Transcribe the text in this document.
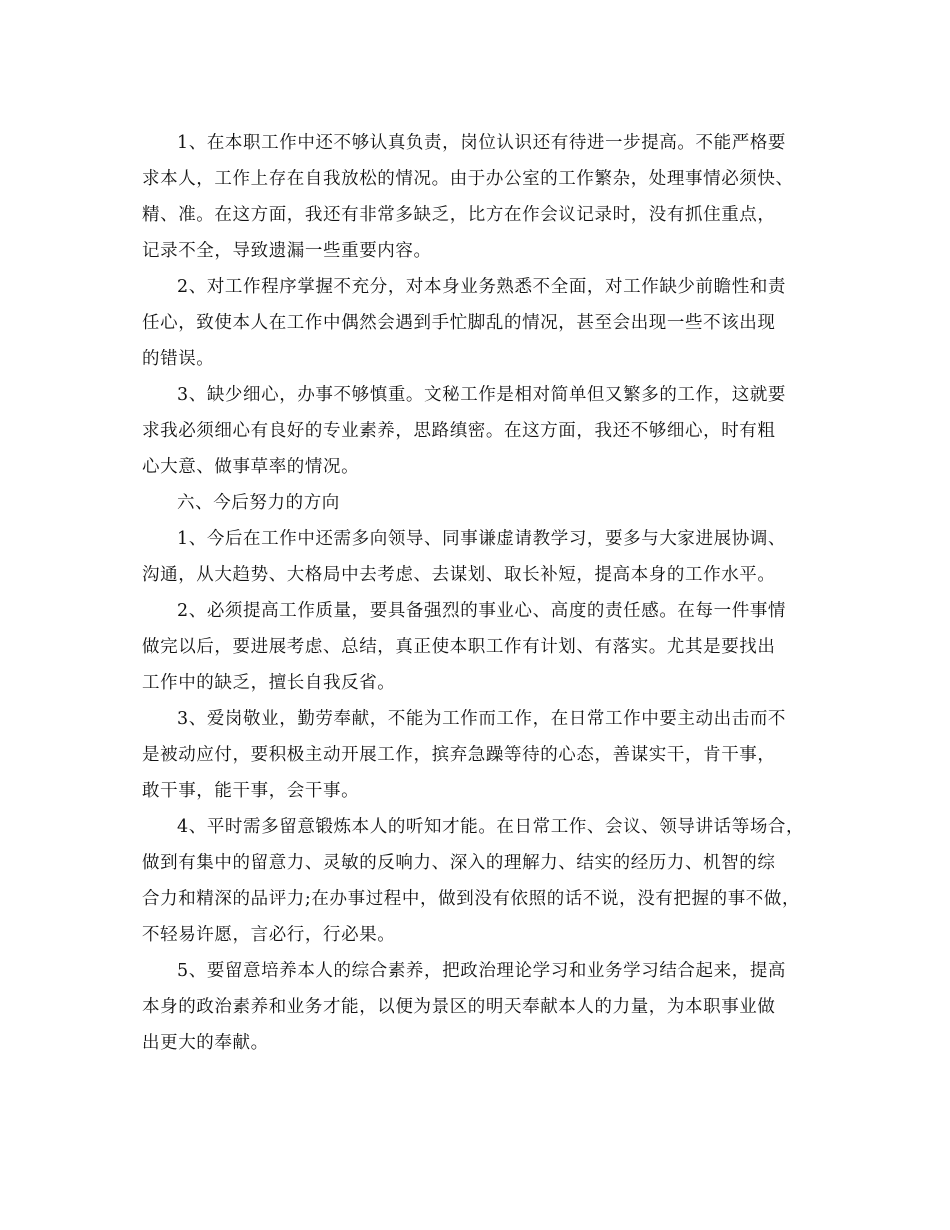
1、在本职工作中还不够认真负责，岗位认识还有待进一步提高。不能严格要
求本人，工作上存在自我放松的情况。由于办公室的工作繁杂，处理事情必须快、
精、准。在这方面，我还有非常多缺乏，比方在作会议记录时，没有抓住重点，
记录不全，导致遗漏一些重要内容。
2、对工作程序掌握不充分，对本身业务熟悉不全面，对工作缺少前瞻性和责
任心，致使本人在工作中偶然会遇到手忙脚乱的情况，甚至会出现一些不该出现
的错误。
3、缺少细心，办事不够慎重。文秘工作是相对简单但又繁多的工作，这就要
求我必须细心有良好的专业素养，思路缜密。在这方面，我还不够细心，时有粗
心大意、做事草率的情况。
六、今后努力的方向
1、今后在工作中还需多向领导、同事谦虚请教学习，要多与大家进展协调、
沟通，从大趋势、大格局中去考虑、去谋划、取长补短，提高本身的工作水平。
2、必须提高工作质量，要具备强烈的事业心、高度的责任感。在每一件事情
做完以后，要进展考虑、总结，真正使本职工作有计划、有落实。尤其是要找出
工作中的缺乏，擅长自我反省。
3、爱岗敬业，勤劳奉献，不能为工作而工作，在日常工作中要主动出击而不
是被动应付，要积极主动开展工作，摈弃急躁等待的心态，善谋实干，肯干事，
敢干事，能干事，会干事。
4、平时需多留意锻炼本人的听知才能。在日常工作、会议、领导讲话等场合，
做到有集中的留意力、灵敏的反响力、深入的理解力、结实的经历力、机智的综
合力和精深的品评力;在办事过程中，做到没有依照的话不说，没有把握的事不做，
不轻易许愿，言必行，行必果。
5、要留意培养本人的综合素养，把政治理论学习和业务学习结合起来，提高
本身的政治素养和业务才能，以便为景区的明天奉献本人的力量，为本职事业做
出更大的奉献。
